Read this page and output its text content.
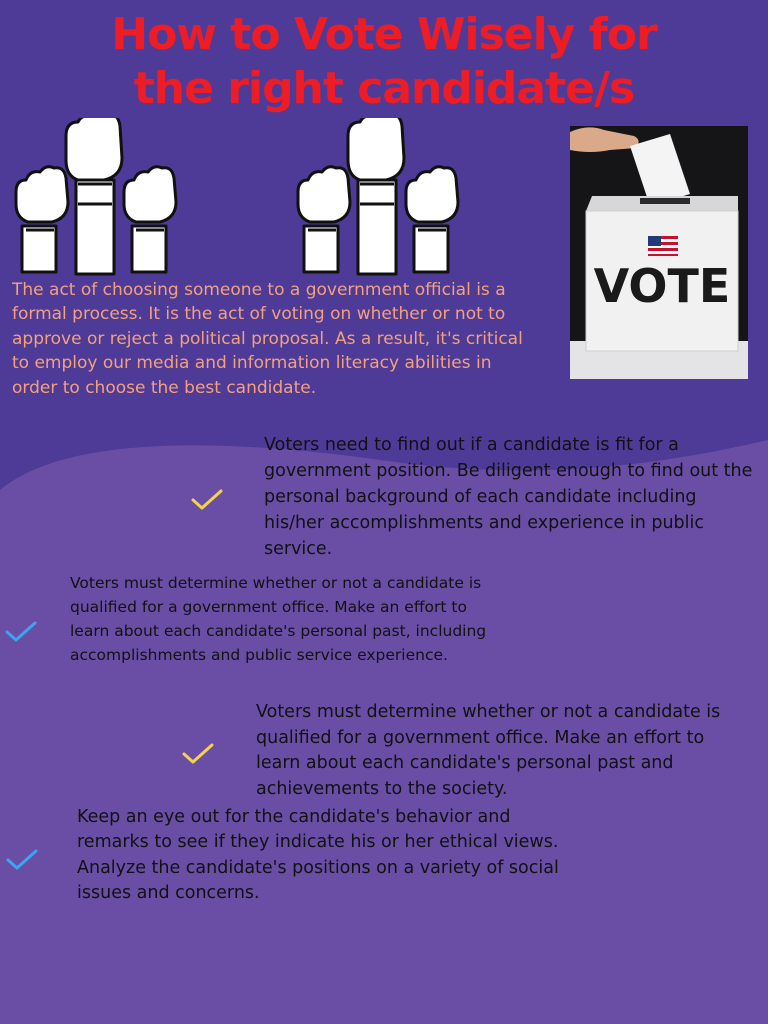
How to Vote Wisely for
the right candidate/s
VOTE
The act of choosing someone to a government official is a formal process. It is the act of voting on whether or not to approve or reject a political proposal. As a result, it's critical to employ our media and information literacy abilities in order to choose the best candidate.
Voters need to find out if a candidate is fit for a government position. Be diligent enough to find out the personal background of each candidate including his/her accomplishments and experience in public service.
Voters must determine whether or not a candidate is qualified for a government office. Make an effort to learn about each candidate's personal past, including accomplishments and public service experience.
Voters must determine whether or not a candidate is qualified for a government office. Make an effort to learn about each candidate's personal past and achievements to the society.
Keep an eye out for the candidate's behavior and remarks to see if they indicate his or her ethical views. Analyze the candidate's positions on a variety of social issues and concerns.
